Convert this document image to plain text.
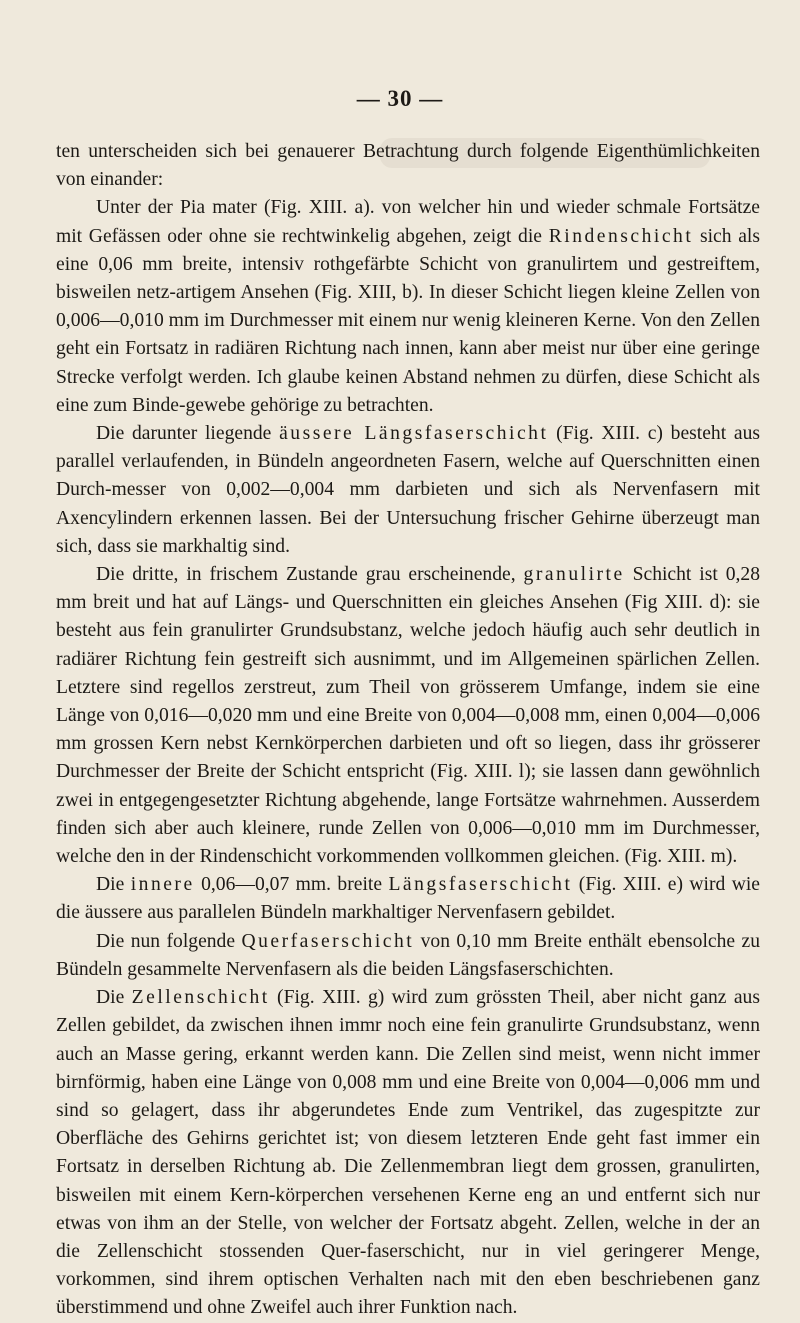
— 30 —

ten unterscheiden sich bei genauerer Betrachtung durch folgende Eigenthümlichkeiten von einander:

Unter der Pia mater (Fig. XIII. a). von welcher hin und wieder schmale Fortsätze mit Gefässen oder ohne sie rechtwinkelig abgehen, zeigt die Rindenschicht sich als eine 0,06 mm breite, intensiv rothgefärbte Schicht von granulirtem und gestreiftem, bisweilen netz-artigem Ansehen (Fig. XIII, b). In dieser Schicht liegen kleine Zellen von 0,006—0,010 mm im Durchmesser mit einem nur wenig kleineren Kerne. Von den Zellen geht ein Fortsatz in radiären Richtung nach innen, kann aber meist nur über eine geringe Strecke verfolgt werden. Ich glaube keinen Abstand nehmen zu dürfen, diese Schicht als eine zum Binde-gewebe gehörige zu betrachten.

Die darunter liegende äussere Längsfaserschicht (Fig. XIII. c) besteht aus parallel verlaufenden, in Bündeln angeordneten Fasern, welche auf Querschnitten einen Durch-messer von 0,002—0,004 mm darbieten und sich als Nervenfasern mit Axencylindern erkennen lassen. Bei der Untersuchung frischer Gehirne überzeugt man sich, dass sie markhaltig sind.

Die dritte, in frischem Zustande grau erscheinende, granulirte Schicht ist 0,28 mm breit und hat auf Längs- und Querschnitten ein gleiches Ansehen (Fig XIII. d): sie besteht aus fein granulirter Grundsubstanz, welche jedoch häufig auch sehr deutlich in radiärer Richtung fein gestreift sich ausnimmt, und im Allgemeinen spärlichen Zellen. Letztere sind regellos zerstreut, zum Theil von grösserem Umfange, indem sie eine Länge von 0,016—0,020 mm und eine Breite von 0,004—0,008 mm, einen 0,004—0,006 mm grossen Kern nebst Kernkörperchen darbieten und oft so liegen, dass ihr grösserer Durchmesser der Breite der Schicht entspricht (Fig. XIII. l); sie lassen dann gewöhnlich zwei in entgegengesetzter Richtung abgehende, lange Fortsätze wahrnehmen. Ausserdem finden sich aber auch kleinere, runde Zellen von 0,006—0,010 mm im Durchmesser, welche den in der Rindenschicht vorkommenden vollkommen gleichen. (Fig. XIII. m).

Die innere 0,06—0,07 mm. breite Längsfaserschicht (Fig. XIII. e) wird wie die äussere aus parallelen Bündeln markhaltiger Nervenfasern gebildet.

Die nun folgende Querfaserschicht von 0,10 mm Breite enthält ebensolche zu Bündeln gesammelte Nervenfasern als die beiden Längsfaserschichten.

Die Zellenschicht (Fig. XIII. g) wird zum grössten Theil, aber nicht ganz aus Zellen gebildet, da zwischen ihnen immr noch eine fein granulirte Grundsubstanz, wenn auch an Masse gering, erkannt werden kann. Die Zellen sind meist, wenn nicht immer birnförmig, haben eine Länge von 0,008 mm und eine Breite von 0,004—0,006 mm und sind so gelagert, dass ihr abgerundetes Ende zum Ventrikel, das zugespitzte zur Oberfläche des Gehirns gerichtet ist; von diesem letzteren Ende geht fast immer ein Fortsatz in derselben Richtung ab. Die Zellenmembran liegt dem grossen, granulirten, bisweilen mit einem Kern-körperchen versehenen Kerne eng an und entfernt sich nur etwas von ihm an der Stelle, von welcher der Fortsatz abgeht. Zellen, welche in der an die Zellenschicht stossenden Quer-faserschicht, nur in viel geringerer Menge, vorkommen, sind ihrem optischen Verhalten nach mit den eben beschriebenen ganz überstimmend und ohne Zweifel auch ihrer Funktion nach.
